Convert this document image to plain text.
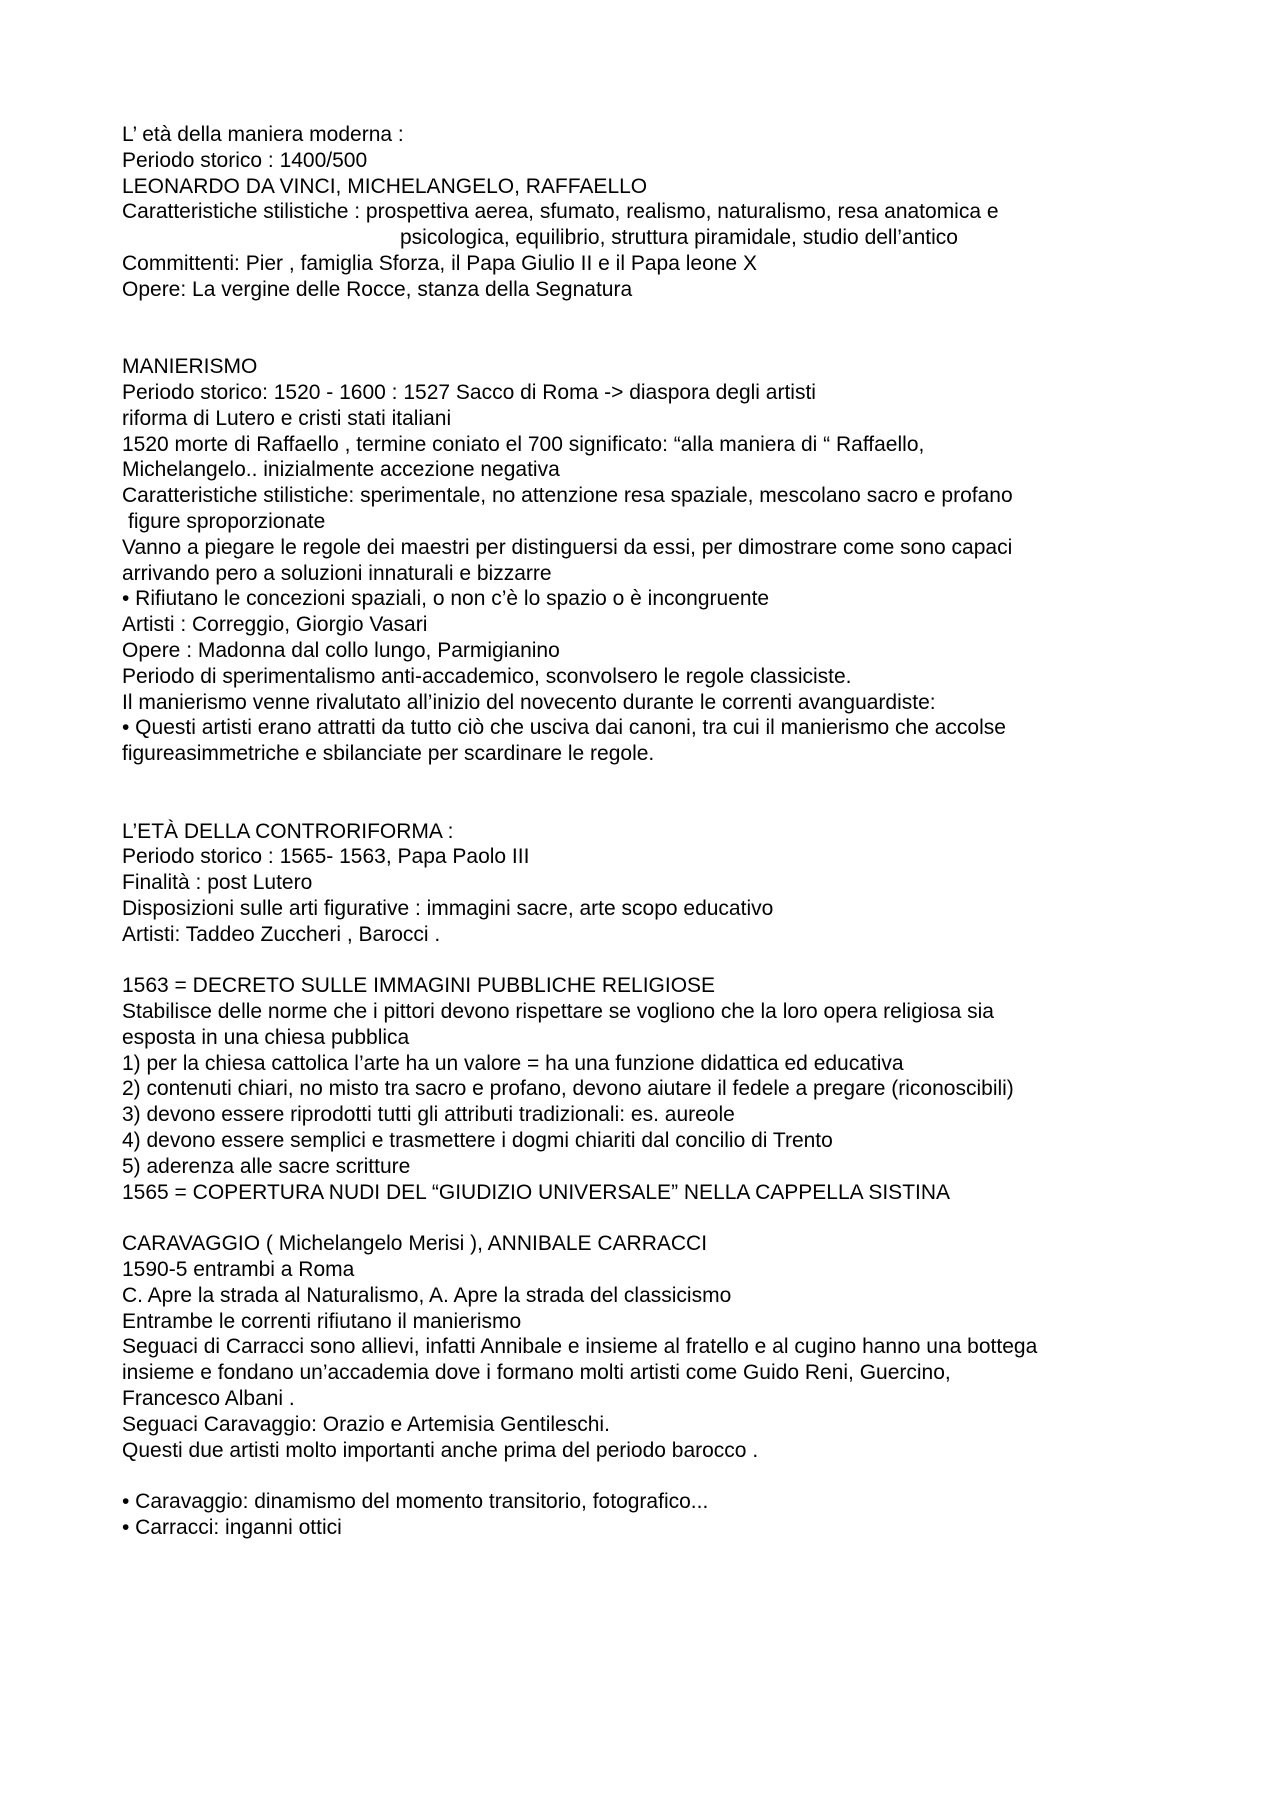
L’ età della maniera moderna :

Periodo storico : 1400/500

LEONARDO DA VINCI, MICHELANGELO, RAFFAELLO

Caratteristiche stilistiche : prospettiva aerea, sfumato, realismo, naturalismo, resa anatomica e

psicologica, equilibrio, struttura piramidale, studio dell’antico

Committenti: Pier , famiglia Sforza, il Papa Giulio II e il Papa leone X

Opere: La vergine delle Rocce, stanza della Segnatura

MANIERISMO

Periodo storico: 1520 - 1600 : 1527 Sacco di Roma -> diaspora degli artisti

riforma di Lutero e cristi stati italiani

1520 morte di Raffaello , termine coniato el 700 significato: “alla maniera di “ Raffaello,

Michelangelo.. inizialmente accezione negativa

Caratteristiche stilistiche: sperimentale, no attenzione resa spaziale, mescolano sacro e profano

figure sproporzionate

Vanno a piegare le regole dei maestri per distinguersi da essi, per dimostrare come sono capaci

arrivando pero a soluzioni innaturali e bizzarre

• Rifiutano le concezioni spaziali, o non c’è lo spazio o è incongruente

Artisti : Correggio, Giorgio Vasari

Opere : Madonna dal collo lungo, Parmigianino

Periodo di sperimentalismo anti-accademico, sconvolsero le regole classiciste.

Il manierismo venne rivalutato all’inizio del novecento durante le correnti avanguardiste:

• Questi artisti erano attratti da tutto ciò che usciva dai canoni, tra cui il manierismo che accolse

figureasimmetriche e sbilanciate per scardinare le regole.

L’ETÀ DELLA CONTRORIFORMA :

Periodo storico : 1565- 1563, Papa Paolo III

Finalità : post Lutero

Disposizioni sulle arti figurative : immagini sacre, arte scopo educativo

Artisti: Taddeo Zuccheri , Barocci .

1563 = DECRETO SULLE IMMAGINI PUBBLICHE RELIGIOSE

Stabilisce delle norme che i pittori devono rispettare se vogliono che la loro opera religiosa sia

esposta in una chiesa pubblica

1) per la chiesa cattolica l’arte ha un valore = ha una funzione didattica ed educativa

2) contenuti chiari, no misto tra sacro e profano, devono aiutare il fedele a pregare (riconoscibili)

3) devono essere riprodotti tutti gli attributi tradizionali: es. aureole

4) devono essere semplici e trasmettere i dogmi chiariti dal concilio di Trento

5) aderenza alle sacre scritture

1565 = COPERTURA NUDI DEL “GIUDIZIO UNIVERSALE” NELLA CAPPELLA SISTINA

CARAVAGGIO ( Michelangelo Merisi ), ANNIBALE CARRACCI

1590-5 entrambi a Roma

C. Apre la strada al Naturalismo, A. Apre la strada del classicismo

Entrambe le correnti rifiutano il manierismo

Seguaci di Carracci sono allievi, infatti Annibale e insieme al fratello e al cugino hanno una bottega

insieme e fondano un’accademia dove i formano molti artisti come Guido Reni, Guercino,

Francesco Albani .

Seguaci Caravaggio: Orazio e Artemisia Gentileschi.

Questi due artisti molto importanti anche prima del periodo barocco .

• Caravaggio: dinamismo del momento transitorio, fotografico...

• Carracci: inganni ottici
